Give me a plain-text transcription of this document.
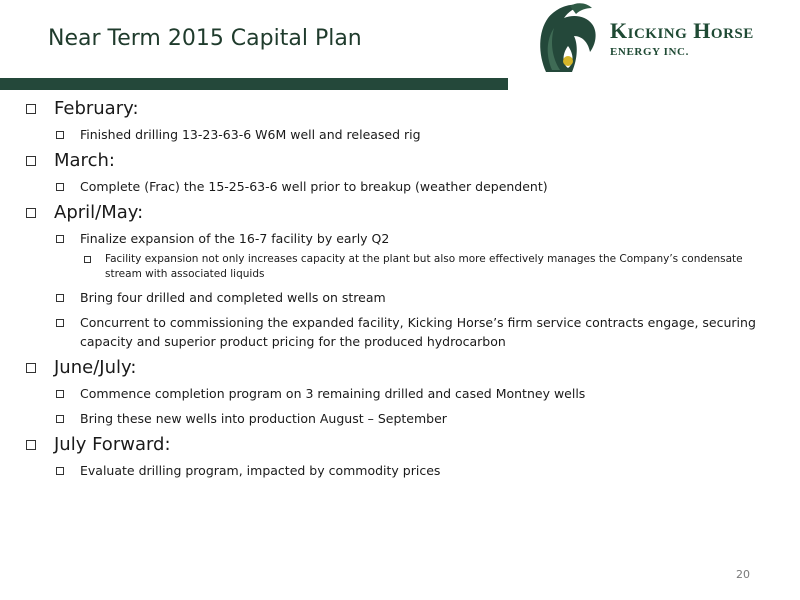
Near Term 2015 Capital Plan	Kicking Horse
ENERGY INC.
February:
Finished drilling 13-23-63-6 W6M well and released rig
March:
Complete (Frac) the 15-25-63-6 well prior to breakup (weather dependent)
April/May:
Finalize expansion of the 16-7 facility by early Q2
Facility expansion not only increases capacity at the plant but also more effectively manages the Company’s condensate stream with associated liquids
Bring four drilled and completed wells on stream
Concurrent to commissioning the expanded facility, Kicking Horse’s firm service contracts engage, securing capacity and superior product pricing for the produced hydrocarbon
June/July:
Commence completion program on 3 remaining drilled and cased Montney wells
Bring these new wells into production August – September
July Forward:
Evaluate drilling program, impacted by commodity prices
20
